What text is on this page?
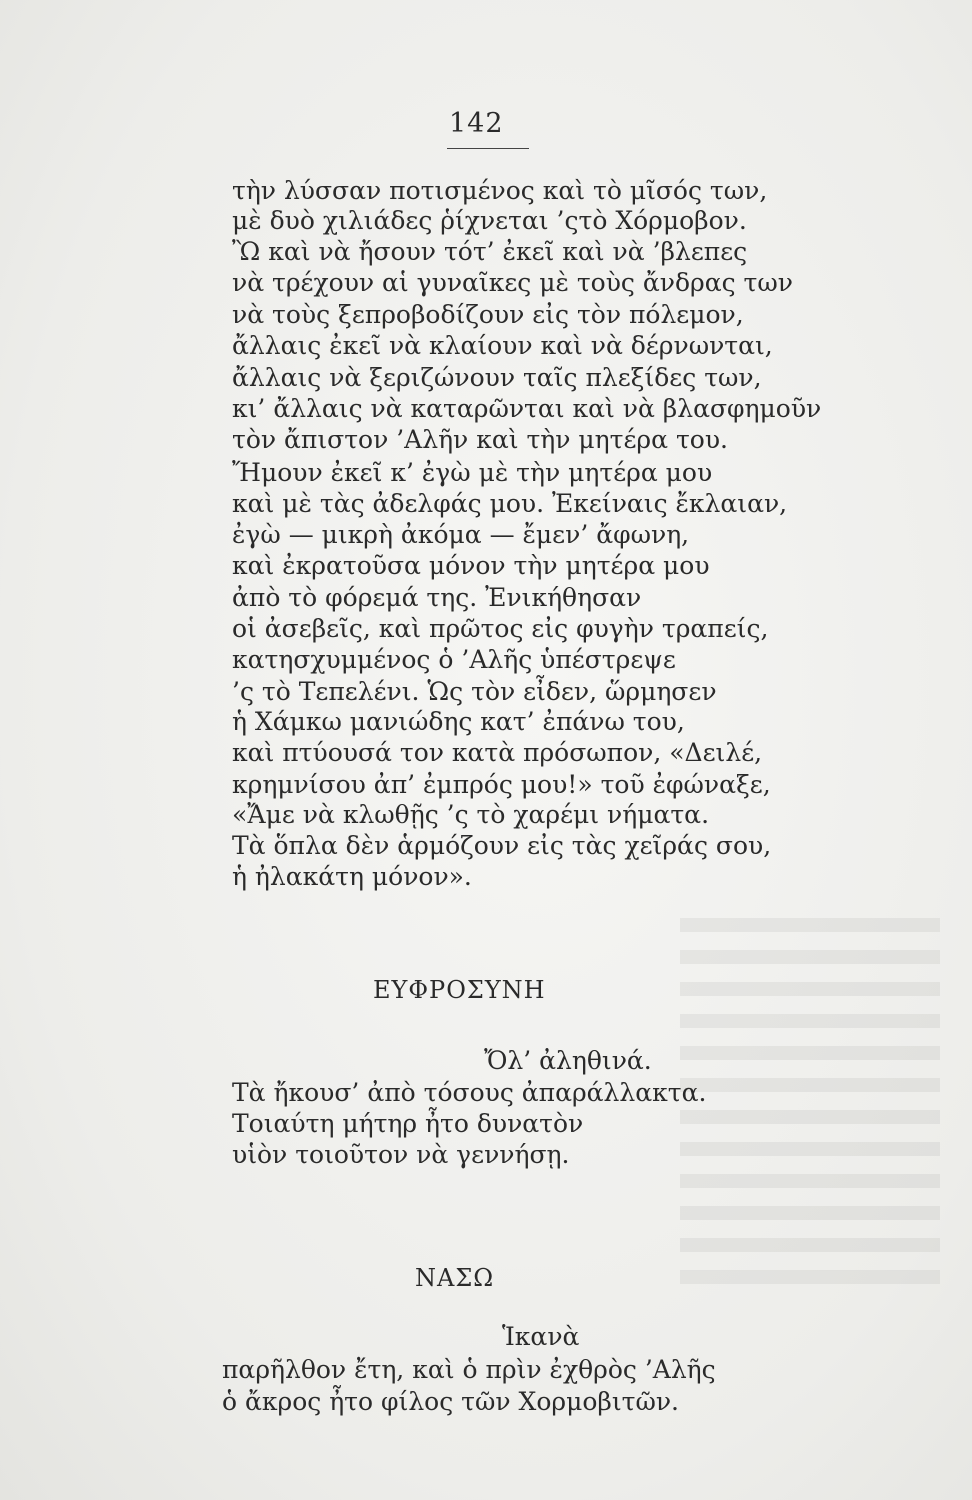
142
τὴν λύσσαν ποτισμένος καὶ τὸ μῖσός των,
μὲ δυὸ χιλιάδες ῥίχνεται ’ςτὸ Χόρμοβον.
Ὢ καὶ νὰ ἤσουν τότ’ ἐκεῖ καὶ νὰ ’βλεπες
νὰ τρέχουν αἱ γυναῖκες μὲ τοὺς ἄνδρας των
νὰ τοὺς ξεπροβοδίζουν εἰς τὸν πόλεμον,
ἄλλαις ἐκεῖ νὰ κλαίουν καὶ νὰ δέρνωνται,
ἄλλαις νὰ ξεριζώνουν ταῖς πλεξίδες των,
κι’ ἄλλαις νὰ καταρῶνται καὶ νὰ βλασφημοῦν
τὸν ἄπιστον ’Αλῆν καὶ τὴν μητέρα του.
Ἤμουν ἐκεῖ κ’ ἐγὼ μὲ τὴν μητέρα μου
καὶ μὲ τὰς ἀδελφάς μου. Ἐκείναις ἔκλαιαν,
ἐγὼ — μικρὴ ἀκόμα — ἔμεν’ ἄφωνη,
καὶ ἐκρατοῦσα μόνον τὴν μητέρα μου
ἀπὸ τὸ φόρεμά της. Ἐνικήθησαν
οἱ ἀσεβεῖς, καὶ πρῶτος εἰς φυγὴν τραπείς,
κατησχυμμένος ὁ ’Αλῆς ὑπέστρεψε
’ς τὸ Τεπελένι. Ὡς τὸν εἶδεν, ὥρμησεν
ἡ Χάμκω μανιώδης κατ’ ἐπάνω του,
καὶ πτύουσά τον κατὰ πρόσωπον, «Δειλέ,
κρημνίσου ἀπ’ ἐμπρός μου!» τοῦ ἐφώναξε,
«Ἄμε νὰ κλωθῇς ’ς τὸ χαρέμι νήματα.
Τὰ ὅπλα δὲν ἁρμόζουν εἰς τὰς χεῖράς σου,
ἡ ἠλακάτη μόνον».
ΕΥΦΡΟΣΥΝΗ
Ὄλ’ ἀληθινά.
Τὰ ἤκουσ’ ἀπὸ τόσους ἀπαράλλακτα.
Τοιαύτη μήτηρ ἦτο δυνατὸν
υἱὸν τοιοῦτον νὰ γεννήσῃ.
ΝΑΣΩ
Ἱκανὰ
παρῆλθον ἔτη, καὶ ὁ πρὶν ἐχθρὸς ’Αλῆς
ὁ ἄκρος ἦτο φίλος τῶν Χορμοβιτῶν.
